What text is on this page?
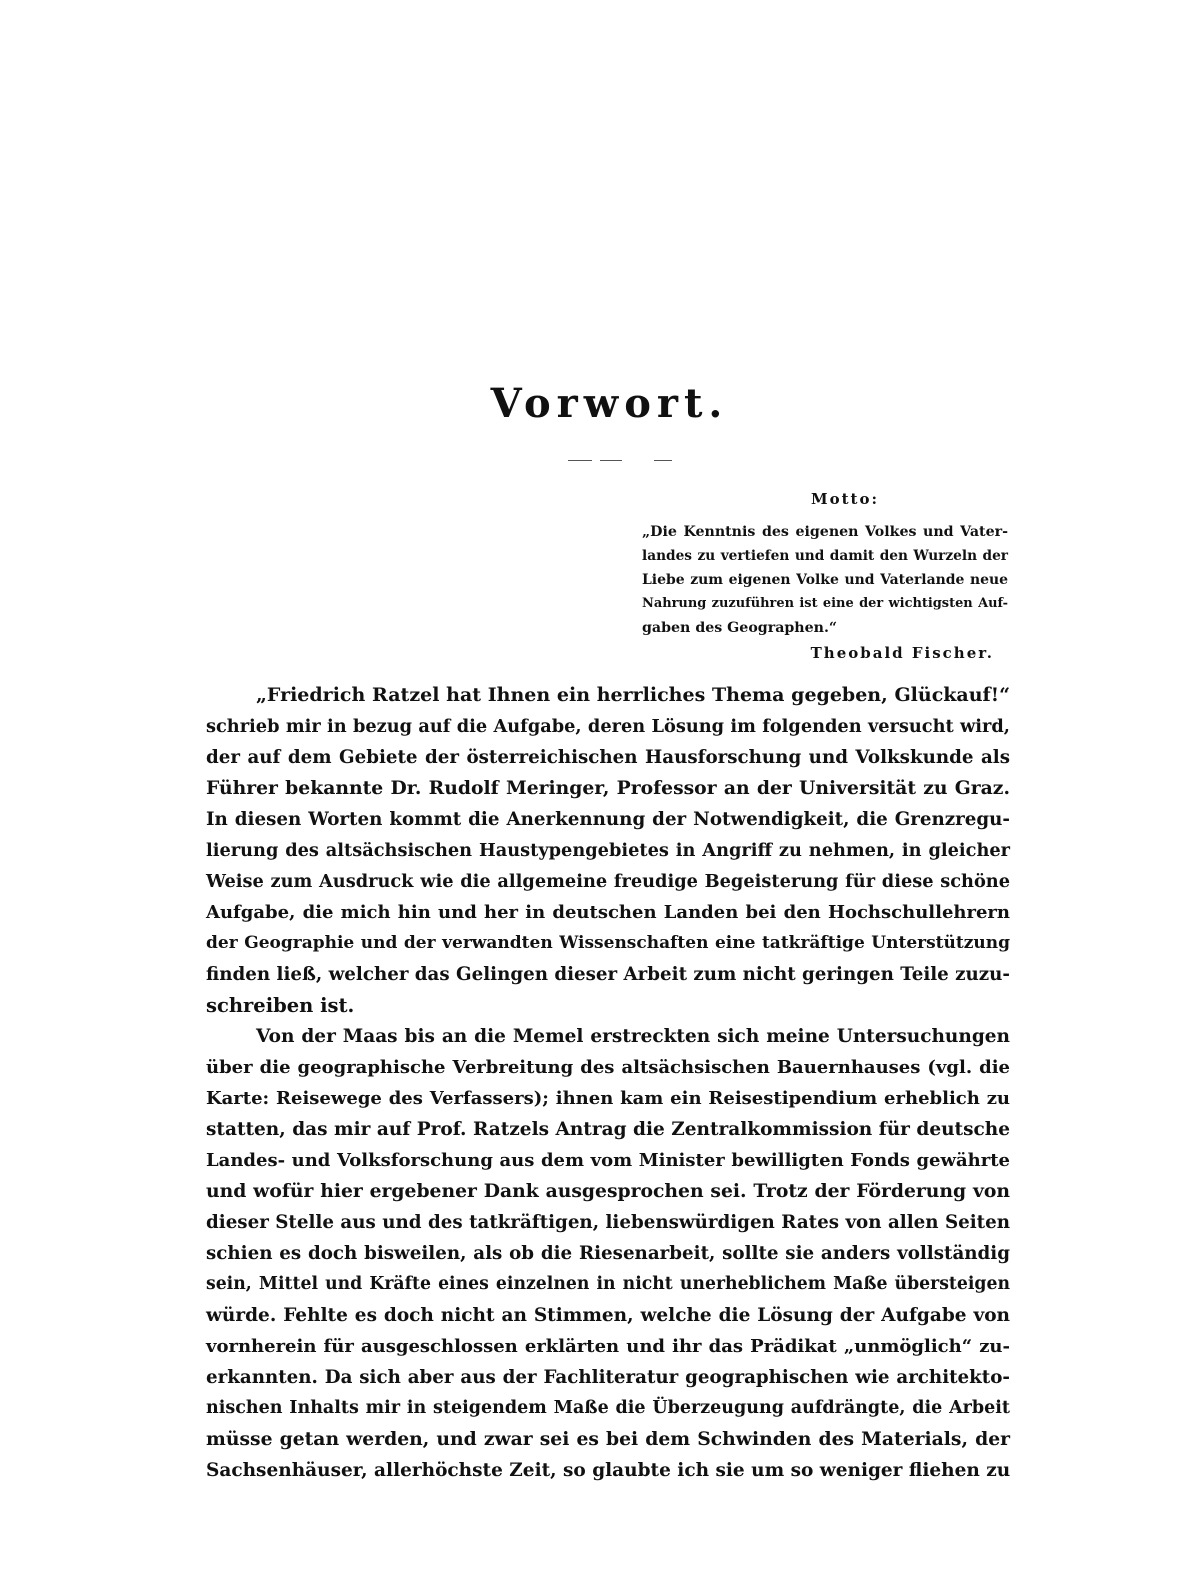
Vorwort.
Motto:
„Die Kenntnis des eigenen Volkes und Vater-
landes zu vertiefen und damit den Wurzeln der
Liebe zum eigenen Volke und Vaterlande neue
Nahrung zuzuführen ist eine der wichtigsten Auf-
gaben des Geographen.“
Theobald Fischer.
„Friedrich Ratzel hat Ihnen ein herrliches Thema gegeben, Glückauf!“
schrieb mir in bezug auf die Aufgabe, deren Lösung im folgenden versucht wird,
der auf dem Gebiete der österreichischen Hausforschung und Volkskunde als
Führer bekannte Dr. Rudolf Meringer, Professor an der Universität zu Graz.
In diesen Worten kommt die Anerkennung der Notwendigkeit, die Grenzregu-
lierung des altsächsischen Haustypengebietes in Angriff zu nehmen, in gleicher
Weise zum Ausdruck wie die allgemeine freudige Begeisterung für diese schöne
Aufgabe, die mich hin und her in deutschen Landen bei den Hochschullehrern
der Geographie und der verwandten Wissenschaften eine tatkräftige Unterstützung
finden ließ, welcher das Gelingen dieser Arbeit zum nicht geringen Teile zuzu-
schreiben ist.
Von der Maas bis an die Memel erstreckten sich meine Untersuchungen
über die geographische Verbreitung des altsächsischen Bauernhauses (vgl. die
Karte: Reisewege des Verfassers); ihnen kam ein Reisestipendium erheblich zu
statten, das mir auf Prof. Ratzels Antrag die Zentralkommission für deutsche
Landes- und Volksforschung aus dem vom Minister bewilligten Fonds gewährte
und wofür hier ergebener Dank ausgesprochen sei. Trotz der Förderung von
dieser Stelle aus und des tatkräftigen, liebenswürdigen Rates von allen Seiten
schien es doch bisweilen, als ob die Riesenarbeit, sollte sie anders vollständig
sein, Mittel und Kräfte eines einzelnen in nicht unerheblichem Maße übersteigen
würde. Fehlte es doch nicht an Stimmen, welche die Lösung der Aufgabe von
vornherein für ausgeschlossen erklärten und ihr das Prädikat „unmöglich“ zu-
erkannten. Da sich aber aus der Fachliteratur geographischen wie architekto-
nischen Inhalts mir in steigendem Maße die Überzeugung aufdrängte, die Arbeit
müsse getan werden, und zwar sei es bei dem Schwinden des Materials, der
Sachsenhäuser, allerhöchste Zeit, so glaubte ich sie um so weniger fliehen zu
